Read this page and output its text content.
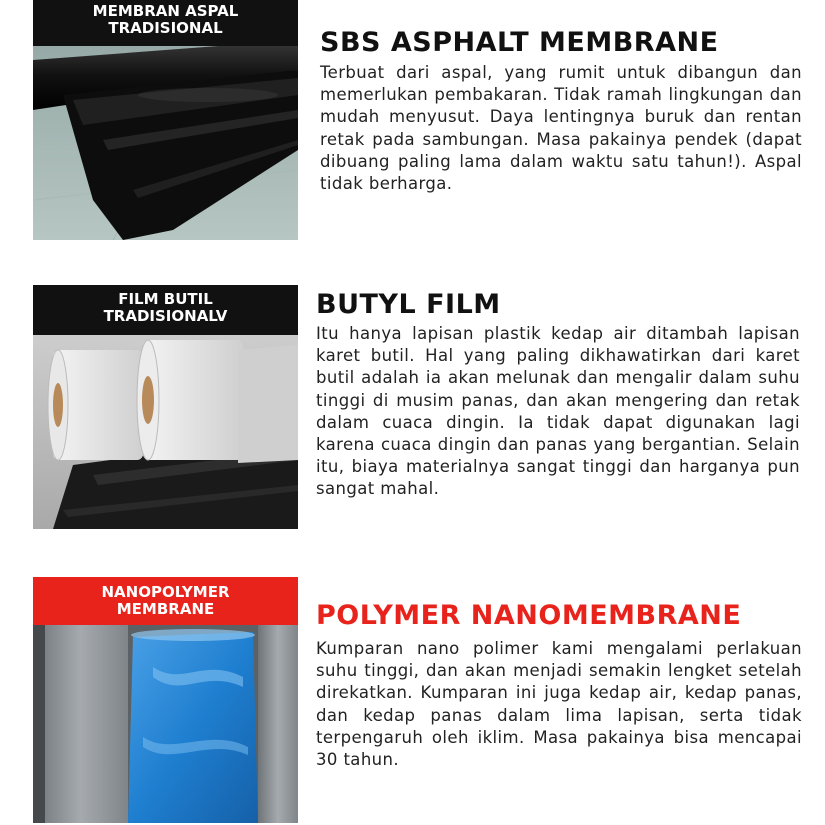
MEMBRAN ASPAL
TRADISIONAL	SBS ASPHALT MEMBRANE
Terbuat dari aspal, yang rumit untuk dibangun dan memerlukan pembakaran. Tidak ramah lingkungan dan mudah menyusut. Daya lentingnya buruk dan rentan retak pada sambungan. Masa pakainya pendek (dapat dibuang paling lama dalam waktu satu tahun!). Aspal tidak berharga.
FILM BUTIL
TRADISIONALV	BUTYL FILM
Itu hanya lapisan plastik kedap air ditambah lapisan karet butil. Hal yang paling dikhawatirkan dari karet butil adalah ia akan melunak dan mengalir dalam suhu tinggi di musim panas, dan akan mengering dan retak dalam cuaca dingin. Ia tidak dapat digunakan lagi karena cuaca dingin dan panas yang bergantian. Selain itu, biaya materialnya sangat tinggi dan harganya pun sangat mahal.
NANOPOLYMER
MEMBRANE	POLYMER NANOMEMBRANE
Kumparan nano polimer kami mengalami perlakuan suhu tinggi, dan akan menjadi semakin lengket setelah direkatkan. Kumparan ini juga kedap air, kedap panas, dan kedap panas dalam lima lapisan, serta tidak terpengaruh oleh iklim. Masa pakainya bisa mencapai 30 tahun.
